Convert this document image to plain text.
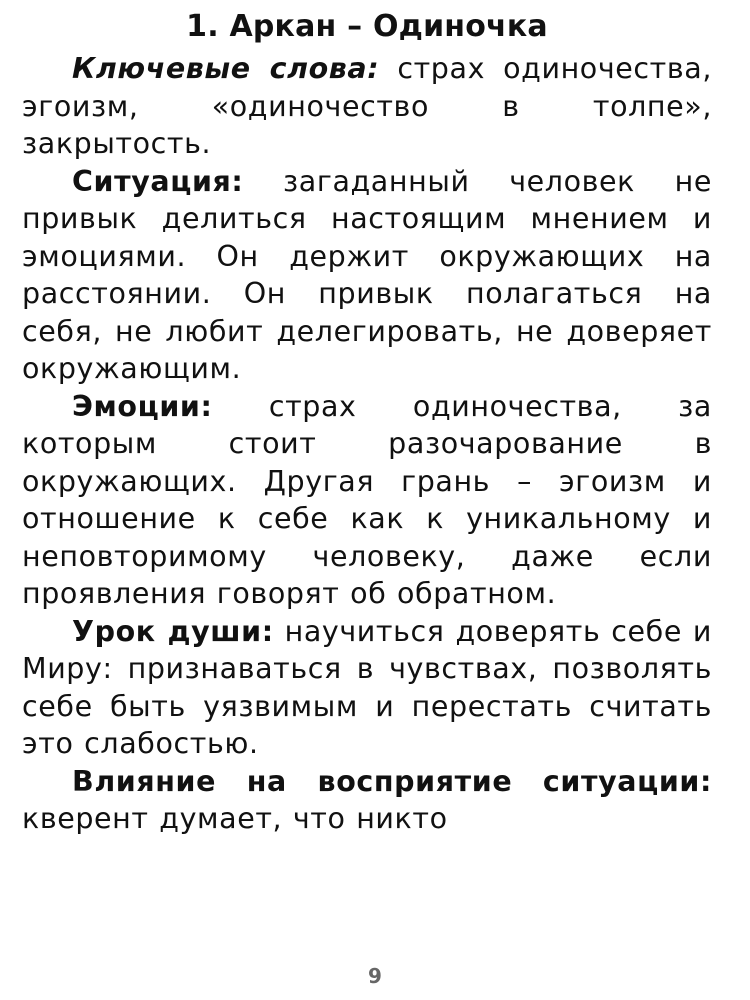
1. Аркан – Одиночка

Ключевые слова: страх одиночества, эгоизм, «одиночество в толпе», закрытость.

Ситуация: загаданный человек не привык делиться настоящим мнением и эмоциями. Он держит окружающих на расстоянии. Он привык полагаться на себя, не любит делегировать, не доверяет окружающим.

Эмоции: страх одиночества, за которым стоит разочарование в окружающих. Другая грань – эгоизм и отношение к себе как к уникальному и неповторимому человеку, даже если проявления говорят об обратном.

Урок души: научиться доверять себе и Миру: признаваться в чувствах, позволять себе быть уязвимым и перестать считать это слабостью.

Влияние на восприятие ситуации: кверент думает, что никто

9
